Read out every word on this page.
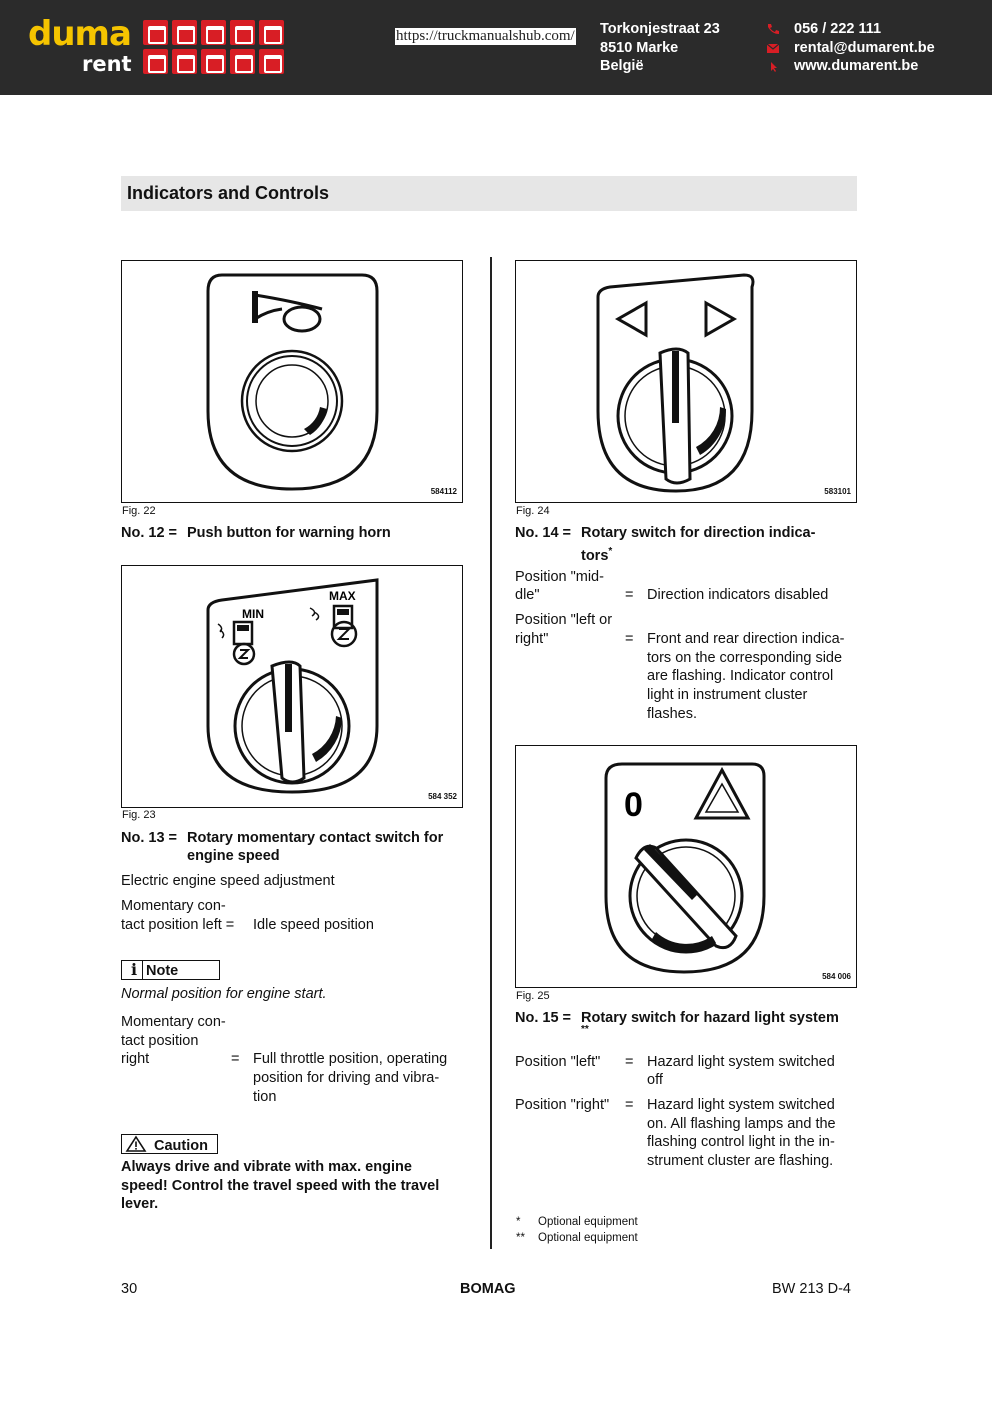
duma
rent
Torkonjestraat 23
8510 Marke
België
056 / 222 111
rental@dumarent.be
www.dumarent.be
https://truckmanualshub.com/
Indicators and Controls
584112
Fig. 22
No. 12 = Push button for warning horn
MIN
MAX
584 352
Fig. 23
No. 13 = Rotary momentary contact switch for
engine speed
Electric engine speed adjustment
Momentary con-
tact position left = Idle speed position
i Note
Normal position for engine start.
Momentary con-
tact position
right	= Full throttle position, operating
position for driving and vibra-
tion
Caution
Always drive and vibrate with max. engine
speed! Control the travel speed with the travel
lever.
583101
Fig. 24
No. 14 = Rotary switch for direction indica-
tors*
Position "mid-
dle"	= Direction indicators disabled
Position "left or
right"	= Front and rear direction indica-
tors on the corresponding side
are flashing. Indicator control
light in instrument cluster
flashes.
0
584 006
Fig. 25
No. 15 = Rotary switch for hazard light system
**
Position "left" = Hazard light system switched
off
Position "right" = Hazard light system switched
on. All flashing lamps and the
flashing control light in the in-
strument cluster are flashing.
* Optional equipment
** Optional equipment
30	BOMAG	BW 213 D-4
